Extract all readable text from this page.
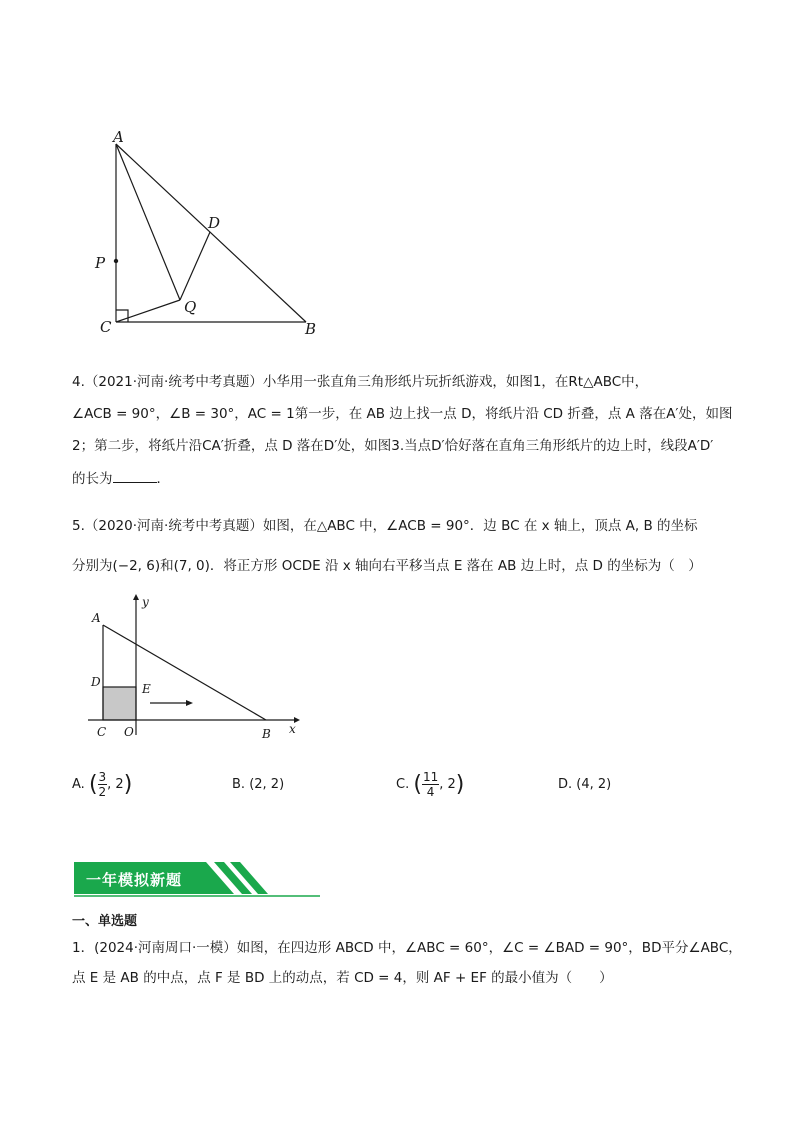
A
P
C	B
D
Q
4.（2021·河南·统考中考真题）小华用一张直角三角形纸片玩折纸游戏，如图1，在Rt△ABC中，
∠ACB = 90°，∠B = 30°，AC = 1第一步，在 AB 边上找一点 D，将纸片沿 CD 折叠，点 A 落在A′处，如图
2；第二步，将纸片沿CA′折叠，点 D 落在D′处，如图3.当点D′恰好落在直角三角形纸片的边上时，线段A′D′
的长为	．
5.（2020·河南·统考中考真题）如图，在△ABC 中，∠ACB = 90°．边 BC 在 x 轴上，顶点 A, B 的坐标
分别为(−2, 6)和(7, 0)．将正方形 OCDE 沿 x 轴向右平移当点 E 落在 AB 边上时，点 D 的坐标为（　）
A
D	E
C O	B x
y
A. ( $\frac{3}{2}$ , 2)	B. (2, 2)	C. ( $\frac{11}{4}$ , 2)	D. (4, 2)
一年模拟新题
一、单选题
1．(2024·河南周口·一模）如图，在四边形 ABCD 中，∠ABC = 60°，∠C = ∠BAD = 90°，BD平分∠ABC，
点 E 是 AB 的中点，点 F 是 BD 上的动点，若 CD = 4，则 AF + EF 的最小值为（　　）
